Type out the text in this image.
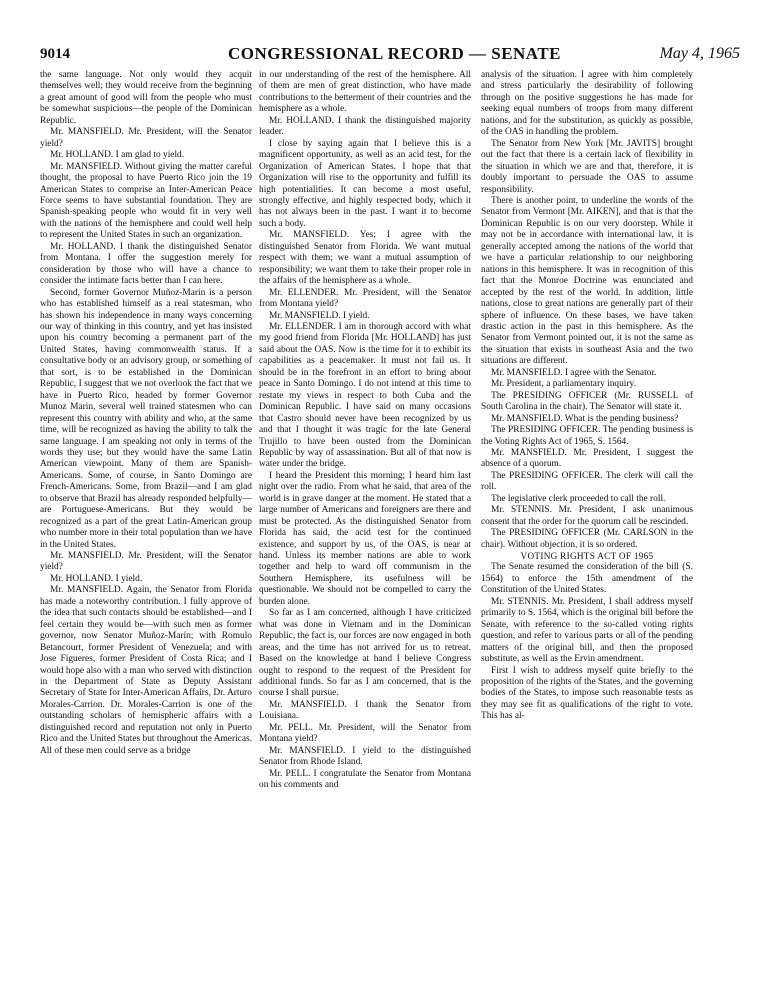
9014	CONGRESSIONAL RECORD — SENATE	May 4, 1965

the same language. Not only would they acquit themselves well; they would receive from the beginning a great amount of good will from the people who must be somewhat suspicious—the people of the Dominican Republic.

Mr. MANSFIELD. Mr. President, will the Senator yield?

Mr. HOLLAND. I am glad to yield.

Mr. MANSFIELD. Without giving the matter careful thought, the proposal to have Puerto Rico join the 19 American States to comprise an Inter-American Peace Force seems to have substantial foundation. They are Spanish-speaking people who would fit in very well with the nations of the hemisphere and could well help to represent the United States in such an organization.

Mr. HOLLAND. I thank the distinguished Senator from Montana. I offer the suggestion merely for consideration by those who will have a chance to consider the intimate facts better than I can here.

Second, former Governor Muñoz-Marín is a person who has established himself as a real statesman, who has shown his independence in many ways concerning our way of thinking in this country, and yet has insisted upon his country becoming a permanent part of the United States, having commonwealth status. If a consultative body or an advisory group, or something of that sort, is to be established in the Dominican Republic, I suggest that we not overlook the fact that we have in Puerto Rico, headed by former Governor Munoz Marin, several well trained statesmen who can represent this country with ability and who, at the same time, will be recognized as having the ability to talk the same language. I am speaking not only in terms of the words they use; but they would have the same Latin American viewpoint. Many of them are Spanish-Americans. Some, of course, in Santo Domingo are French-Americans. Some, from Brazil—and I am glad to observe that Brazil has already responded helpfully—are Portuguese-Americans. But they would be recognized as a part of the great Latin-American group who number more in their total population than we have in the United States.

Mr. MANSFIELD. Mr. President, will the Senator yield?

Mr. HOLLAND. I yield.

Mr. MANSFIELD. Again, the Senator from Florida has made a noteworthy contribution. I fully approve of the idea that such contacts should be established—and I feel certain they would be—with such men as former governor, now Senator Muñoz-Marín; with Romulo Betancourt, former President of Venezuela; and with Jose Figueres, former President of Costa Rica; and I would hope also with a man who served with distinction in the Department of State as Deputy Assistant Secretary of State for Inter-American Affairs, Dr. Arturo Morales-Carrion. Dr. Morales-Carrion is one of the outstanding scholars of hemispheric affairs with a distinguished record and reputation not only in Puerto Rico and the United States but throughout the Americas. All of these men could serve as a bridge

in our understanding of the rest of the hemisphere. All of them are men of great distinction, who have made contributions to the betterment of their countries and the hemisphere as a whole.

Mr. HOLLAND. I thank the distinguished majority leader.

I close by saying again that I believe this is a magnificent opportunity, as well as an acid test, for the Organization of American States. I hope that that Organization will rise to the opportunity and fulfill its high potentialities. It can become a most useful, strongly effective, and highly respected body, which it has not always been in the past. I want it to become such a body.

Mr. MANSFIELD. Yes; I agree with the distinguished Senator from Florida. We want mutual respect with them; we want a mutual assumption of responsibility; we want them to take their proper role in the affairs of the hemisphere as a whole.

Mr. ELLENDER. Mr. President, will the Senator from Montana yield?

Mr. MANSFIELD. I yield.

Mr. ELLENDER. I am in thorough accord with what my good friend from Florida [Mr. HOLLAND] has just said about the OAS. Now is the time for it to exhibit its capabilities as a peacemaker. It must not fail us. It should be in the forefront in an effort to bring about peace in Santo Domingo. I do not intend at this time to restate my views in respect to both Cuba and the Dominican Republic. I have said on many occasions that Castro should never have been recognized by us and that I thought it was tragic for the late General Trujillo to have been ousted from the Dominican Republic by way of assassination. But all of that now is water under the bridge.

I heard the President this morning; I heard him last night over the radio. From what he said, that area of the world is in grave danger at the moment. He stated that a large number of Americans and foreigners are there and must be protected. As the distinguished Senator from Florida has said, the acid test for the continued existence, and support by us, of the OAS, is near at hand. Unless its member nations are able to work together and help to ward off communism in the Southern Hemisphere, its usefulness will be questionable. We should not be compelled to carry the burden alone.

So far as I am concerned, although I have criticized what was done in Vietnam and in the Dominican Republic, the fact is, our forces are now engaged in both areas, and the time has not arrived for us to retreat. Based on the knowledge at hand I believe Congress ought to respond to the request of the President for additional funds. So far as I am concerned, that is the course I shall pursue.

Mr. MANSFIELD. I thank the Senator from Louisiana.

Mr. PELL. Mr. President, will the Senator from Montana yield?

Mr. MANSFIELD. I yield to the distinguished Senator from Rhode Island.

Mr. PELL. I congratulate the Senator from Montana on his comments and

analysis of the situation. I agree with him completely and stress particularly the desirability of following through on the positive suggestions he has made for seeking equal numbers of troops from many different nations, and for the substitution, as quickly as possible, of the OAS in handling the problem.

The Senator from New York [Mr. JAVITS] brought out the fact that there is a certain lack of flexibility in the situation in which we are and that, therefore, it is doubly important to persuade the OAS to assume responsibility.

There is another point, to underline the words of the Senator from Vermont [Mr. AIKEN], and that is that the Dominican Republic is on our very doorstep. While it may not be in accordance with international law, it is generally accepted among the nations of the world that we have a particular relationship to our neighboring nations in this hemisphere. It was in recognition of this fact that the Monroe Doctrine was enunciated and accepted by the rest of the world. In addition, little nations, close to great nations are generally part of their sphere of influence. On these bases, we have taken drastic action in the past in this hemisphere. As the Senator from Vermont pointed out, it is not the same as the situation that exists in southeast Asia and the two situations are different.

Mr. MANSFIELD. I agree with the Senator.

Mr. President, a parliamentary inquiry.

The PRESIDING OFFICER (Mr. RUSSELL of South Carolina in the chair). The Senator will state it.

Mr. MANSFIELD. What is the pending business?

The PRESIDING OFFICER. The pending business is the Voting Rights Act of 1965, S. 1564.

Mr. MANSFIELD. Mr. President, I suggest the absence of a quorum.

The PRESIDING OFFICER. The clerk will call the roll.

The legislative clerk proceeded to call the roll.

Mr. STENNIS. Mr. President, I ask unanimous consent that the order for the quorum call be rescinded.

The PRESIDING OFFICER (Mr. CARLSON in the chair). Without objection, it is so ordered.

VOTING RIGHTS ACT OF 1965

The Senate resumed the consideration of the bill (S. 1564) to enforce the 15th amendment of the Constitution of the United States.

Mr. STENNIS. Mr. President, I shall address myself primarily to S. 1564, which is the original bill before the Senate, with reference to the so-called voting rights question, and refer to various parts or all of the pending matters of the original bill, and then the proposed substitute, as well as the Ervin amendment.

First I wish to address myself quite briefly to the proposition of the rights of the States, and the governing bodies of the States, to impose such reasonable tests as they may see fit as qualifications of the right to vote. This has al-
